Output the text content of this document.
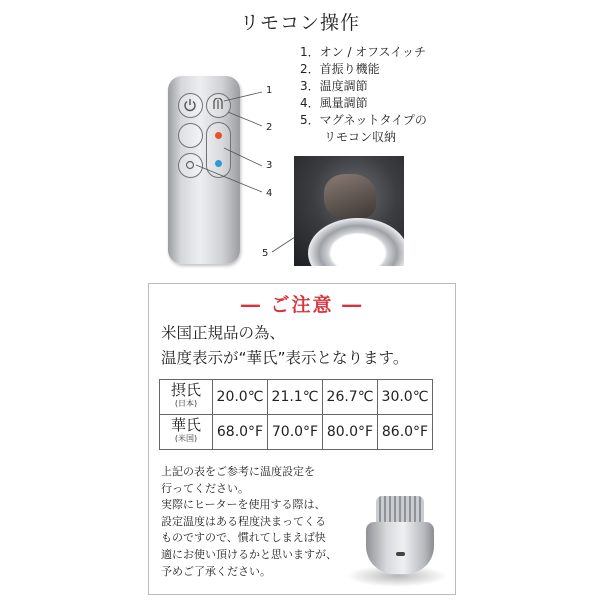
リモコン操作
1
2
3
4
5
1．オン / オフスイッチ
2．首振り機能
3．温度調節
4．風量調節
5．マグネットタイプの
　　リモコン収納
― ご注意 ―
米国正規品の為、
温度表示が“華氏”表示となります。
摂氏
(日本)	20.0℃	21.1℃	26.7℃	30.0℃

華氏
(米国)	68.0°F	70.0°F	80.0°F	86.0°F
上記の表をご参考に温度設定を
行ってください。
実際にヒーターを使用する際は、
設定温度はある程度決まってくる
ものですので、慣れてしまえば快
適にお使い頂けるかと思いますが、
予めご了承ください。
